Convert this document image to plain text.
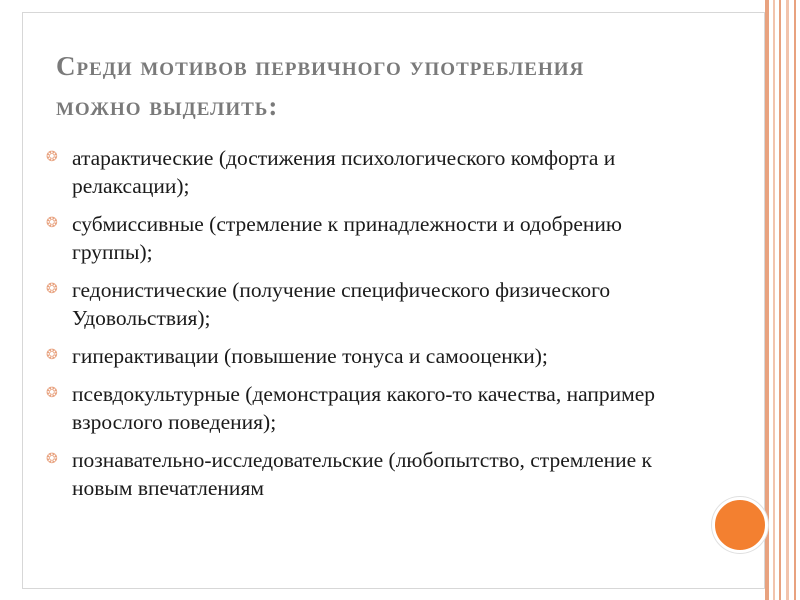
Среди мотивов первичного употребления
можно выделить:
❂ атарактические (достижения психологического комфорта и релаксации);
❂ субмиссивные (стремление к принадлежности и одобрению группы);
❂ гедонистические (получение специфического физического Удовольствия);
❂ гиперактивации (повышение тонуса и самооценки);
❂ псевдокультурные (демонстрация какого-то качества, например взрослого поведения);
❂ познавательно-исследовательские (любопытство, стремление к новым впечатлениям
